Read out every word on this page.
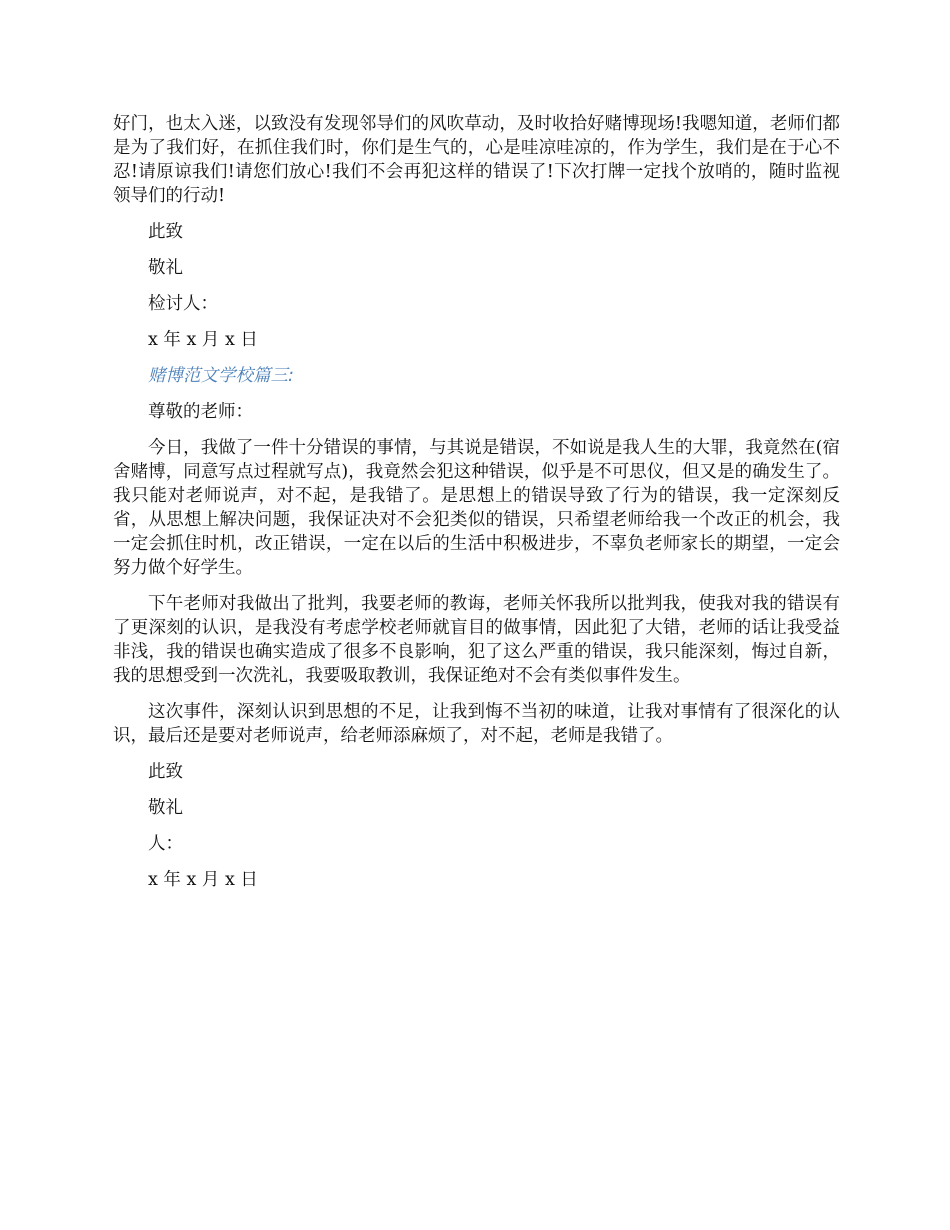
好门，也太入迷，以致没有发现邻导们的风吹草动，及时收拾好赌博现场!我嗯知道，老师们都是为了我们好，在抓住我们时，你们是生气的，心是哇凉哇凉的，作为学生，我们是在于心不忍!请原谅我们!请您们放心!我们不会再犯这样的错误了!下次打牌一定找个放哨的，随时监视领导们的行动!

此致

敬礼

检讨人：

x 年 x 月 x 日

赌博范文学校篇三:

尊敬的老师：

今日，我做了一件十分错误的事情，与其说是错误，不如说是我人生的大罪，我竟然在(宿舍赌博，同意写点过程就写点)，我竟然会犯这种错误，似乎是不可思仪，但又是的确发生了。我只能对老师说声，对不起，是我错了。是思想上的错误导致了行为的错误，我一定深刻反省，从思想上解决问题，我保证决对不会犯类似的错误，只希望老师给我一个改正的机会，我一定会抓住时机，改正错误，一定在以后的生活中积极进步，不辜负老师家长的期望，一定会努力做个好学生。

下午老师对我做出了批判，我要老师的教诲，老师关怀我所以批判我，使我对我的错误有了更深刻的认识，是我没有考虑学校老师就盲目的做事情，因此犯了大错，老师的话让我受益非浅，我的错误也确实造成了很多不良影响，犯了这么严重的错误，我只能深刻，悔过自新，我的思想受到一次洗礼，我要吸取教训，我保证绝对不会有类似事件发生。

这次事件，深刻认识到思想的不足，让我到悔不当初的味道，让我对事情有了很深化的认识，最后还是要对老师说声，给老师添麻烦了，对不起，老师是我错了。

此致

敬礼

人：

x 年 x 月 x 日
